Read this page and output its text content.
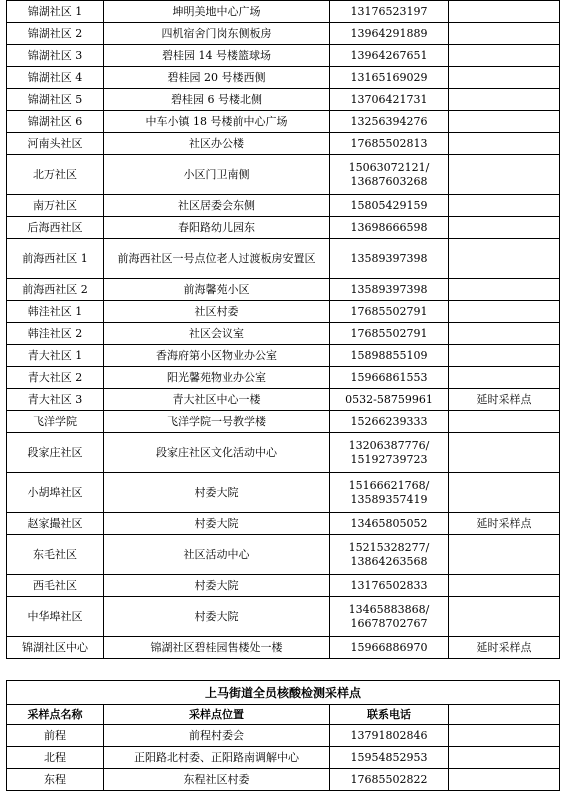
锦湖社区 1	坤明美地中心广场	13176523197	
锦湖社区 2	四机宿舍门岗东侧板房	13964291889	
锦湖社区 3	碧桂园 14 号楼篮球场	13964267651	
锦湖社区 4	碧桂园 20 号楼西侧	13165169029	
锦湖社区 5	碧桂园 6 号楼北侧	13706421731	
锦湖社区 6	中车小镇 18 号楼前中心广场	13256394276	
河南头社区	社区办公楼	17685502813	
北万社区	小区门卫南侧	15063072121/ 13687603268	
南万社区	社区居委会东侧	15805429159	
后海西社区	春阳路幼儿园东	13698666598	
前海西社区 1	前海西社区一号点位老人过渡板房安置区	13589397398	
前海西社区 2	前海馨苑小区	13589397398	
韩洼社区 1	社区村委	17685502791	
韩洼社区 2	社区会议室	17685502791	
青大社区 1	香海府第小区物业办公室	15898855109	
青大社区 2	阳光馨苑物业办公室	15966861553	
青大社区 3	青大社区中心一楼	0532-58759961	延时采样点
飞洋学院	飞洋学院一号教学楼	15266239333	
段家庄社区	段家庄社区文化活动中心	13206387776/ 15192739723	
小胡埠社区	村委大院	15166621768/ 13589357419	
赵家撮社区	村委大院	13465805052	延时采样点
东毛社区	社区活动中心	15215328277/ 13864263568	
西毛社区	村委大院	13176502833	
中华埠社区	村委大院	13465883868/ 16678702767	
锦湖社区中心	锦湖社区碧桂园售楼处一楼	15966886970	延时采样点
上马街道全员核酸检测采样点			
采样点名称	采样点位置	联系电话	
前程	前程村委会	13791802846	
北程	正阳路北村委、正阳路南调解中心	15954852953	
东程	东程社区村委	17685502822	
